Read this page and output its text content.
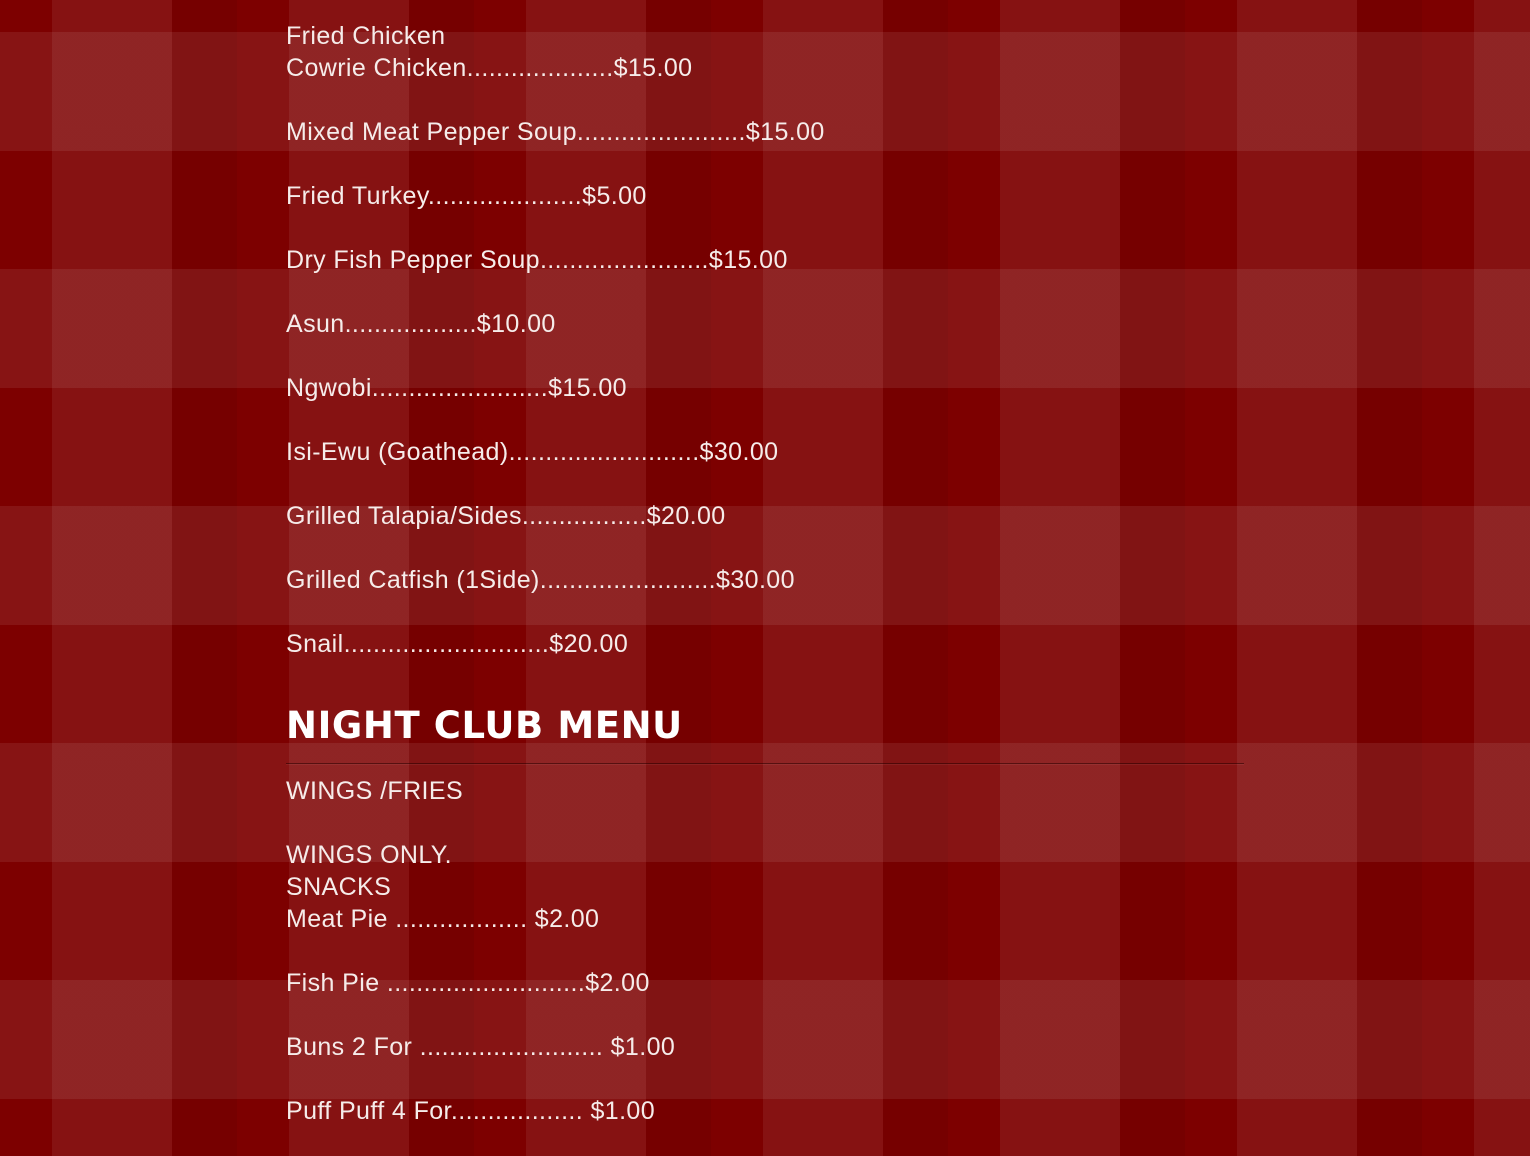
Fried Chicken
Cowrie Chicken....................$15.00
Mixed Meat Pepper Soup.......................$15.00
Fried Turkey.....................$5.00
Dry Fish Pepper Soup.......................$15.00
Asun..................$10.00
Ngwobi........................$15.00
Isi-Ewu (Goathead)..........................$30.00
Grilled Talapia/Sides.................$20.00
Grilled Catfish (1Side)........................$30.00
Snail............................$20.00
NIGHT CLUB MENU
WINGS /FRIES
WINGS ONLY.
SNACKS
Meat Pie .................. $2.00
Fish Pie ...........................$2.00
Buns 2 For ......................... $1.00
Puff Puff 4 For.................. $1.00
